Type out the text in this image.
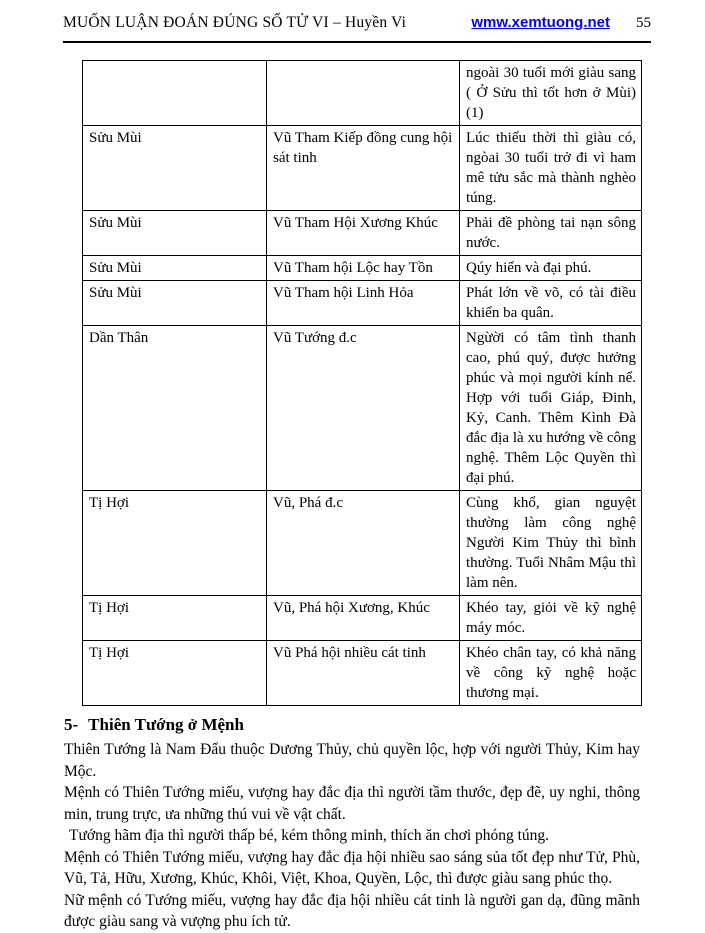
MUỐN LUẬN ĐOÁN ĐÚNG SỐ TỬ VI – Huyền Vi	wmw.xemtuong.net 55
		ngoài 30 tuổi mới giàu sang ( Ở Sửu thì tốt hơn ở Mùi) (1)
Sửu Mùi	Vũ Tham Kiếp đồng cung hội sát tinh	Lúc thiếu thời thì giàu có, ngòai 30 tuổi trở đi vì ham mê tửu sắc mà thành nghèo túng.
Sửu Mùi	Vũ Tham Hội Xương Khúc	Phải đề phòng tai nạn sông nước.
Sửu Mùi	Vũ Tham hội Lộc hay Tồn	Qúy hiển và đại phú.
Sửu Mùi	Vũ Tham hội Linh Hỏa	Phát lớn về võ, có tài điều khiển ba quân.
Dần Thân	Vũ Tướng đ.c	Ngừời có tâm tình thanh cao, phú quý, được hưởng phúc và mọi người kính nể. Hợp với tuổi Giáp, Đinh, Kỷ, Canh. Thêm Kình Đà đắc địa là xu hướng về công nghệ. Thêm Lộc Quyền thì đại phú.
Tị Hợi	Vũ, Phá đ.c	Cùng khổ, gian nguyệt thường làm công nghệ Người Kim Thủy thì bình thường. Tuổi Nhâm Mậu thì làm nên.
Tị Hợi	Vũ, Phá hội Xương, Khúc	Khéo tay, giỏi về kỹ nghệ máy móc.
Tị Hợi	Vũ Phá hội nhiều cát tinh	Khéo chân tay, có khả năng về công kỹ nghệ hoặc thương mại.
5- Thiên Tướng ở Mệnh

Thiên Tướng là Nam Đẩu thuộc Dương Thủy, chủ quyền lộc, hợp với người Thủy, Kim hay Mộc.

Mệnh có Thiên Tướng miếu, vượng hay đắc địa thì người tầm thước, đẹp đẽ, uy nghi, thông min, trung trực, ưa những thú vui về vật chất.

Tướng hãm địa thì người thấp bé, kém thông minh, thích ăn chơi phóng túng.

Mệnh có Thiên Tướng miếu, vượng hay đắc địa hội nhiều sao sáng sủa tốt đẹp như Tử, Phù, Vũ, Tả, Hữu, Xương, Khúc, Khôi, Việt, Khoa, Quyền, Lộc, thì được giàu sang phúc thọ.

Nữ mệnh có Tướng miếu, vượng hay đắc địa hội nhiều cát tinh là người gan dạ, đũng mãnh được giàu sang và vượng phu ích tử.
